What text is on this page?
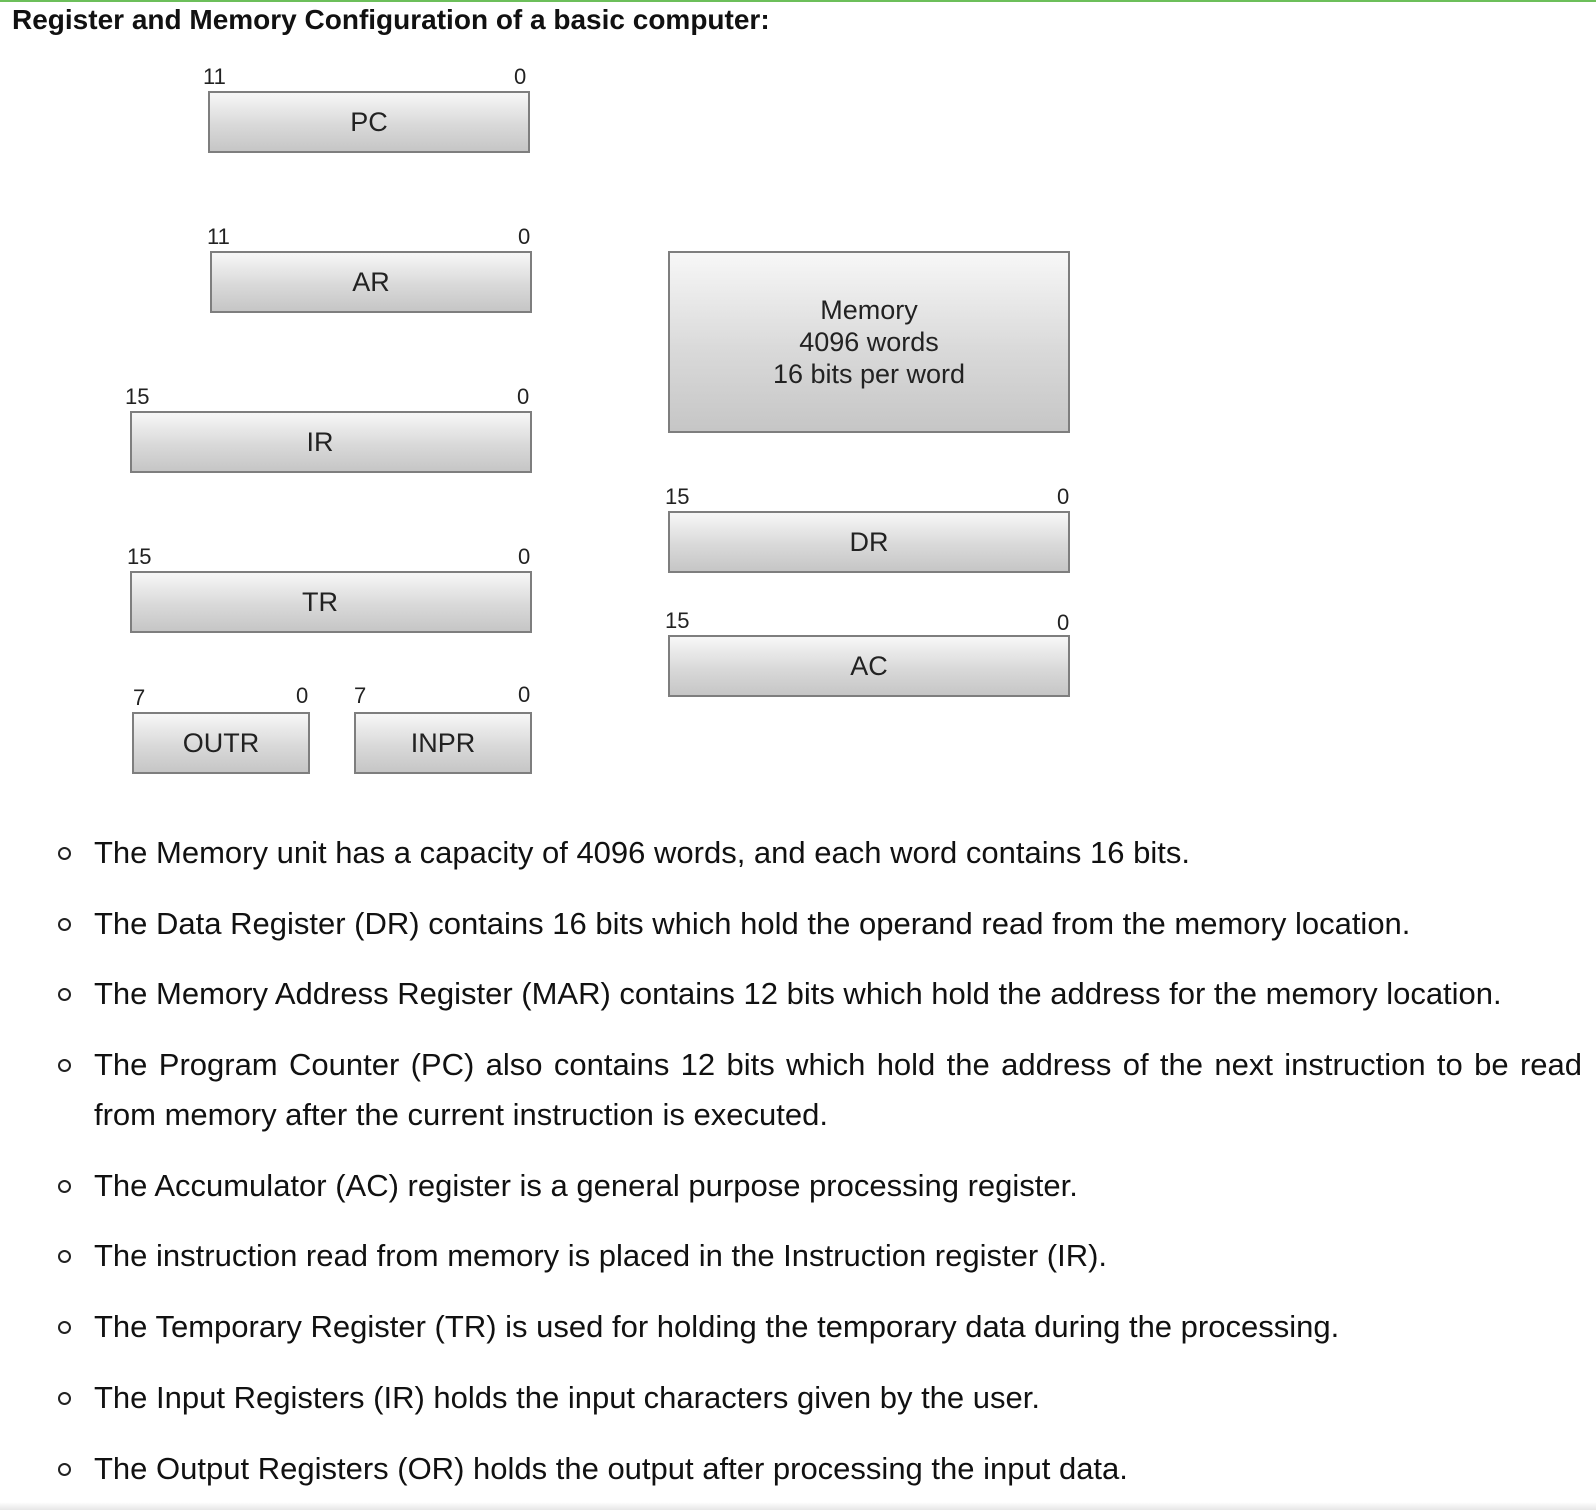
Register and Memory Configuration of a basic computer:
11	0
PC
11	0
AR
15	0
IR
15	0
TR
7	0
OUTR
7	0
INPR
Memory
4096 words
16 bits per word
15	0
DR
15	0
AC
The Memory unit has a capacity of 4096 words, and each word contains 16 bits.
The Data Register (DR) contains 16 bits which hold the operand read from the memory location.
The Memory Address Register (MAR) contains 12 bits which hold the address for the memory location.
The Program Counter (PC) also contains 12 bits which hold the address of the next instruction to be read from memory after the current instruction is executed.
The Accumulator (AC) register is a general purpose processing register.
The instruction read from memory is placed in the Instruction register (IR).
The Temporary Register (TR) is used for holding the temporary data during the processing.
The Input Registers (IR) holds the input characters given by the user.
The Output Registers (OR) holds the output after processing the input data.
